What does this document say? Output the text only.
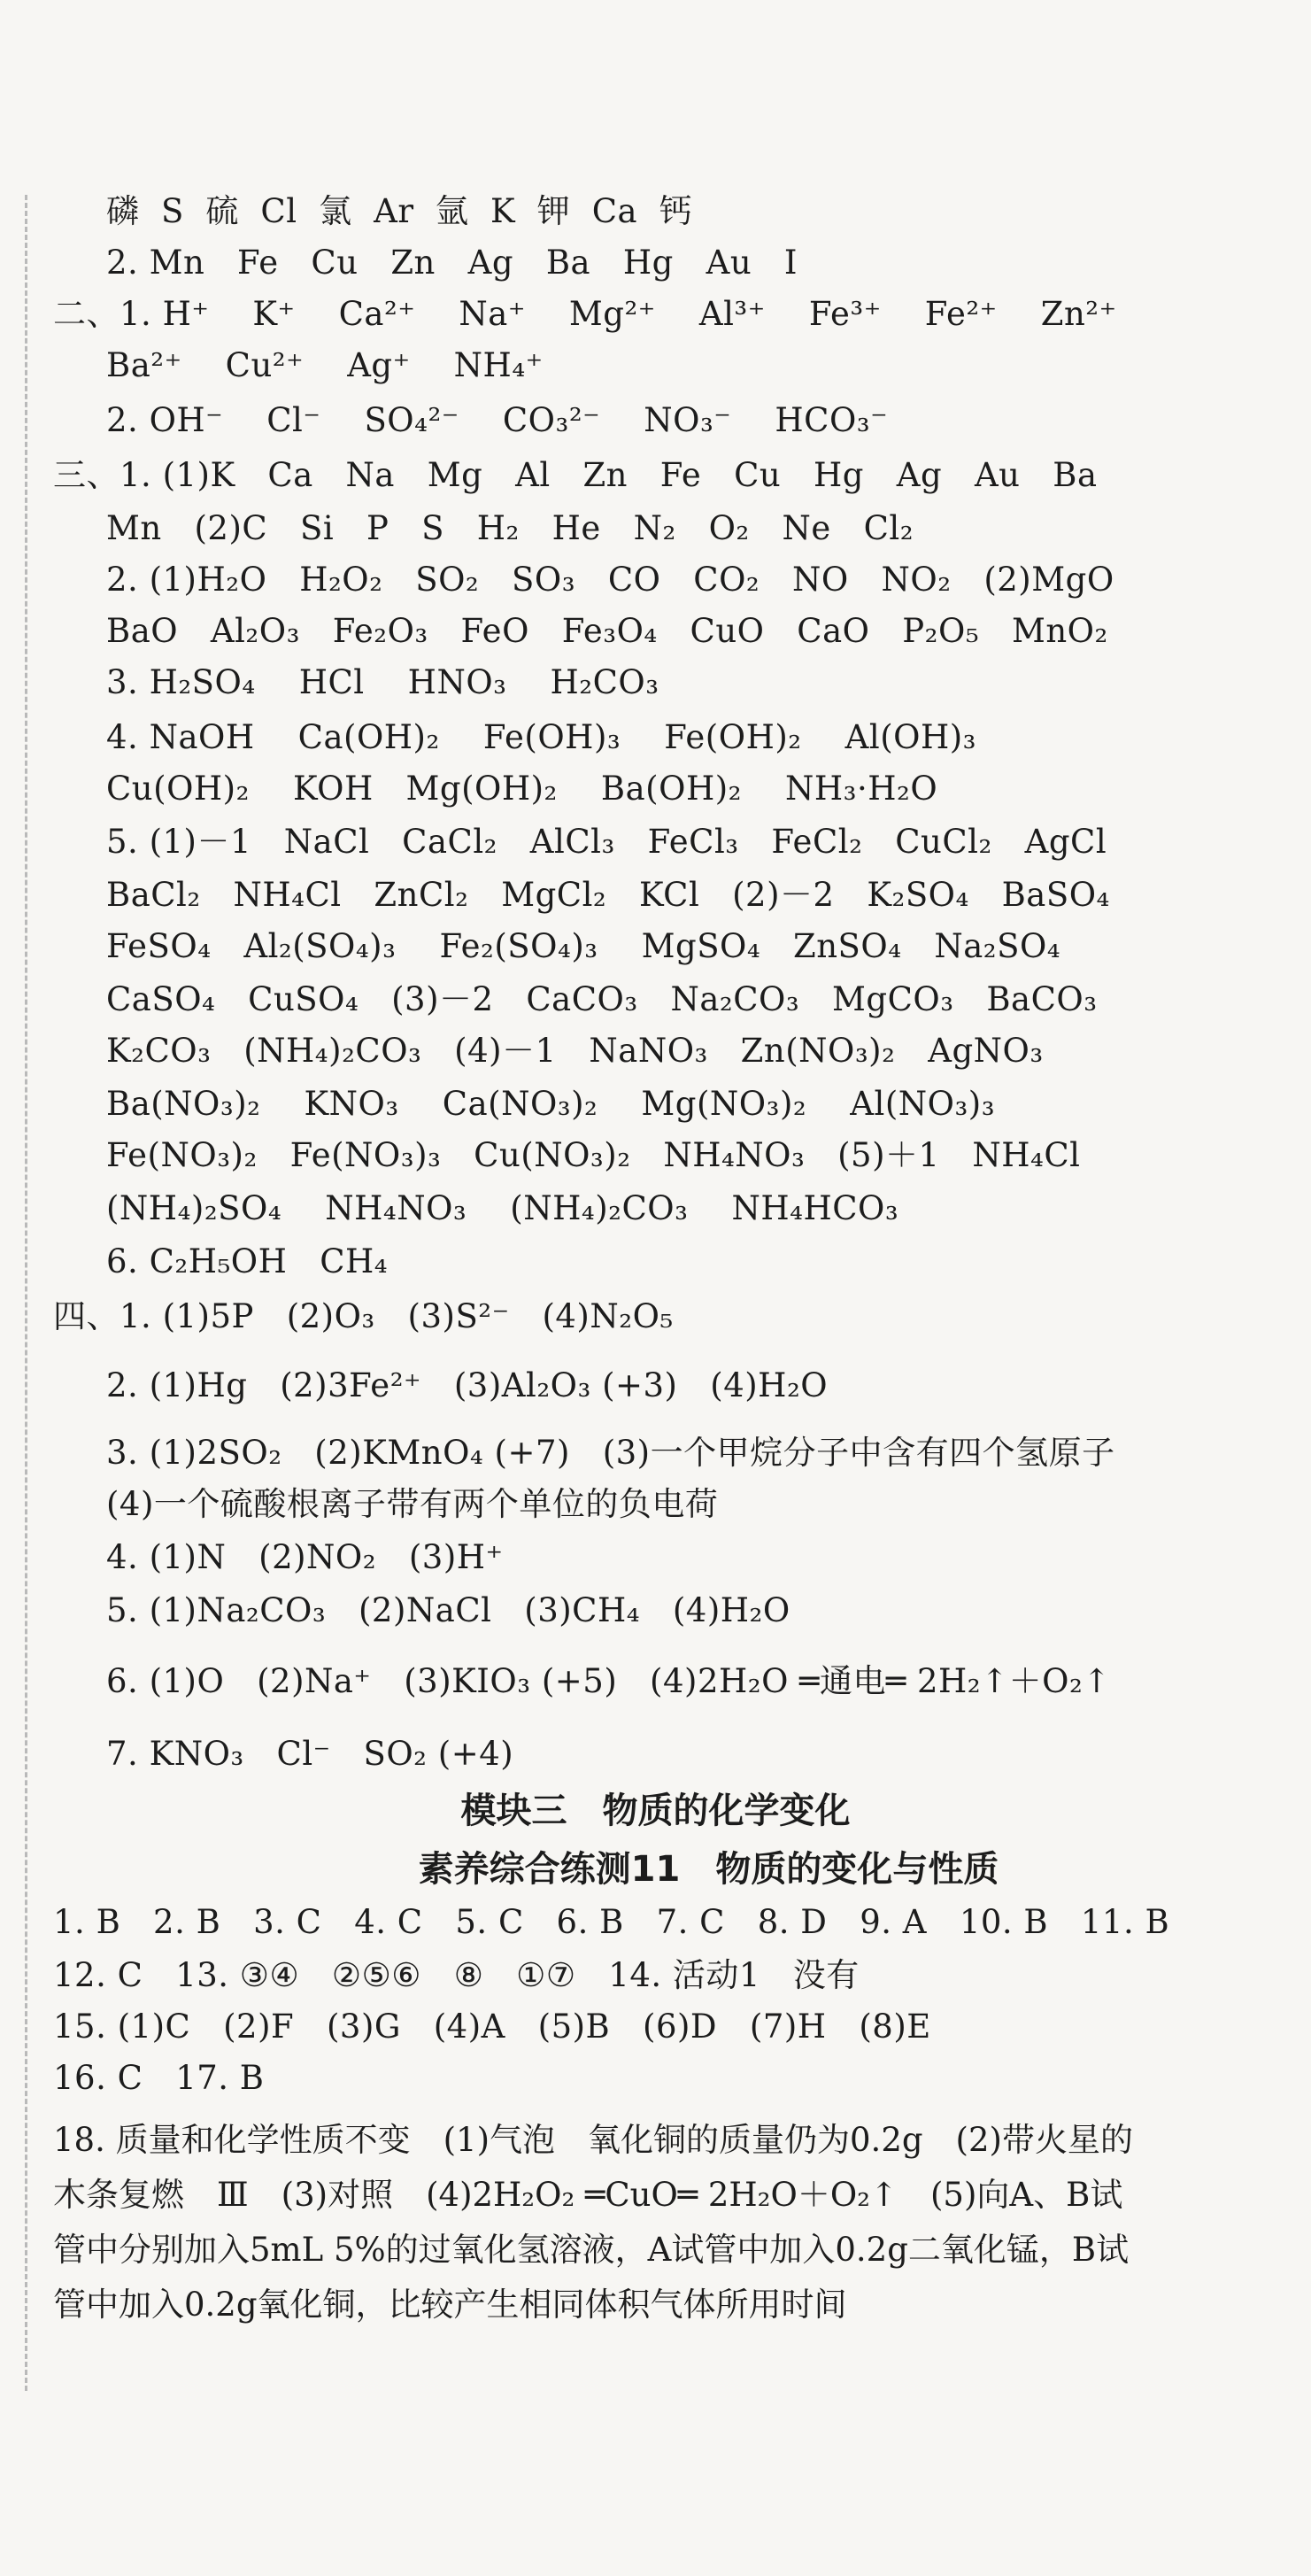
磷  S  硫  Cl  氯  Ar  氩  K  钾  Ca  钙
2. Mn   Fe   Cu   Zn   Ag   Ba   Hg   Au   I
二、1. H⁺    K⁺    Ca²⁺    Na⁺    Mg²⁺    Al³⁺    Fe³⁺    Fe²⁺    Zn²⁺
Ba²⁺    Cu²⁺    Ag⁺    NH₄⁺
2. OH⁻    Cl⁻    SO₄²⁻    CO₃²⁻    NO₃⁻    HCO₃⁻
三、1. (1)K   Ca   Na   Mg   Al   Zn   Fe   Cu   Hg   Ag   Au   Ba
Mn   (2)C   Si   P   S   H₂   He   N₂   O₂   Ne   Cl₂
2. (1)H₂O   H₂O₂   SO₂   SO₃   CO   CO₂   NO   NO₂   (2)MgO
BaO   Al₂O₃   Fe₂O₃   FeO   Fe₃O₄   CuO   CaO   P₂O₅   MnO₂
3. H₂SO₄    HCl    HNO₃    H₂CO₃
4. NaOH    Ca(OH)₂    Fe(OH)₃    Fe(OH)₂    Al(OH)₃
Cu(OH)₂    KOH   Mg(OH)₂    Ba(OH)₂    NH₃·H₂O
5. (1)－1   NaCl   CaCl₂   AlCl₃   FeCl₃   FeCl₂   CuCl₂   AgCl
BaCl₂   NH₄Cl   ZnCl₂   MgCl₂   KCl   (2)－2   K₂SO₄   BaSO₄
FeSO₄   Al₂(SO₄)₃    Fe₂(SO₄)₃    MgSO₄   ZnSO₄   Na₂SO₄
CaSO₄   CuSO₄   (3)－2   CaCO₃   Na₂CO₃   MgCO₃   BaCO₃
K₂CO₃   (NH₄)₂CO₃   (4)－1   NaNO₃   Zn(NO₃)₂   AgNO₃
Ba(NO₃)₂    KNO₃    Ca(NO₃)₂    Mg(NO₃)₂    Al(NO₃)₃
Fe(NO₃)₂   Fe(NO₃)₃   Cu(NO₃)₂   NH₄NO₃   (5)＋1   NH₄Cl
(NH₄)₂SO₄    NH₄NO₃    (NH₄)₂CO₃    NH₄HCO₃
6. C₂H₅OH   CH₄
四、1. (1)5P   (2)O₃   (3)S²⁻   (4)N₂O₅
2. (1)Hg   (2)3Fe²⁺   (3)Al₂O₃ (+3)   (4)H₂O
3. (1)2SO₂   (2)KMnO₄ (+7)   (3)一个甲烷分子中含有四个氢原子
(4)一个硫酸根离子带有两个单位的负电荷
4. (1)N   (2)NO₂   (3)H⁺
5. (1)Na₂CO₃   (2)NaCl   (3)CH₄   (4)H₂O
6. (1)O   (2)Na⁺   (3)KIO₃ (+5)   (4)2H₂O ═通电═ 2H₂↑＋O₂↑
7. KNO₃   Cl⁻   SO₂ (+4)
模块三　物质的化学变化
素养综合练测11　物质的变化与性质
1. B   2. B   3. C   4. C   5. C   6. B   7. C   8. D   9. A   10. B   11. B
12. C   13. ③④   ②⑤⑥   ⑧   ①⑦   14. 活动1   没有
15. (1)C   (2)F   (3)G   (4)A   (5)B   (6)D   (7)H   (8)E
16. C   17. B
18. 质量和化学性质不变　(1)气泡　氧化铜的质量仍为0.2g　(2)带火星的木条复燃　Ⅲ　(3)对照　(4)2H₂O₂ ═CuO═ 2H₂O＋O₂↑　(5)向A、B试管中分别加入5mL 5%的过氧化氢溶液，A试管中加入0.2g二氧化锰，B试管中加入0.2g氧化铜，比较产生相同体积气体所用时间
